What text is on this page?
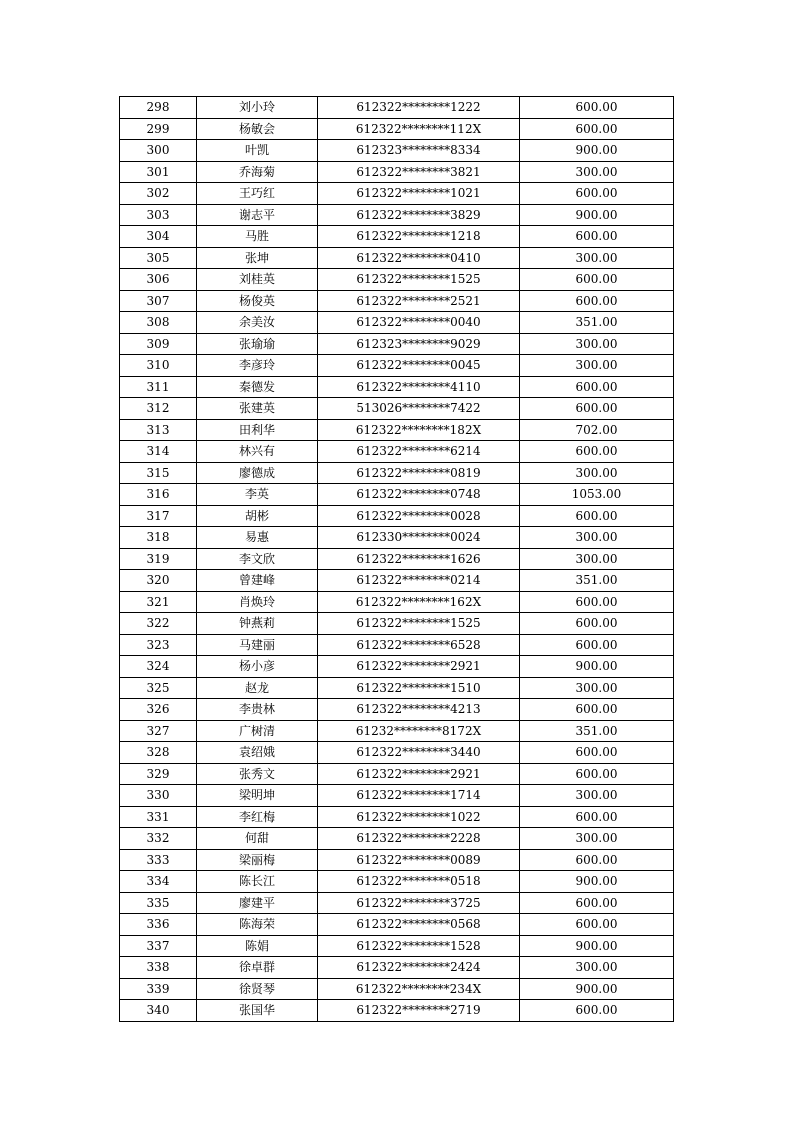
298	刘小玲	612322********1222	600.00
299	杨敏会	612322********112X	600.00
300	叶凯	612323********8334	900.00
301	乔海菊	612322********3821	300.00
302	王巧红	612322********1021	600.00
303	谢志平	612322********3829	900.00
304	马胜	612322********1218	600.00
305	张坤	612322********0410	300.00
306	刘桂英	612322********1525	600.00
307	杨俊英	612322********2521	600.00
308	余美汝	612322********0040	351.00
309	张瑜瑜	612323********9029	300.00
310	李彦玲	612322********0045	300.00
311	秦德发	612322********4110	600.00
312	张建英	513026********7422	600.00
313	田利华	612322********182X	702.00
314	林兴有	612322********6214	600.00
315	廖德成	612322********0819	300.00
316	李英	612322********0748	1053.00
317	胡彬	612322********0028	600.00
318	易惠	612330********0024	300.00
319	李文欣	612322********1626	300.00
320	曾建峰	612322********0214	351.00
321	肖焕玲	612322********162X	600.00
322	钟燕莉	612322********1525	600.00
323	马建丽	612322********6528	600.00
324	杨小彦	612322********2921	900.00
325	赵龙	612322********1510	300.00
326	李贵林	612322********4213	600.00
327	广树清	61232********8172X	351.00
328	袁绍娥	612322********3440	600.00
329	张秀文	612322********2921	600.00
330	梁明坤	612322********1714	300.00
331	李红梅	612322********1022	600.00
332	何甜	612322********2228	300.00
333	梁丽梅	612322********0089	600.00
334	陈长江	612322********0518	900.00
335	廖建平	612322********3725	600.00
336	陈海荣	612322********0568	600.00
337	陈娟	612322********1528	900.00
338	徐卓群	612322********2424	300.00
339	徐贤琴	612322********234X	900.00
340	张国华	612322********2719	600.00
